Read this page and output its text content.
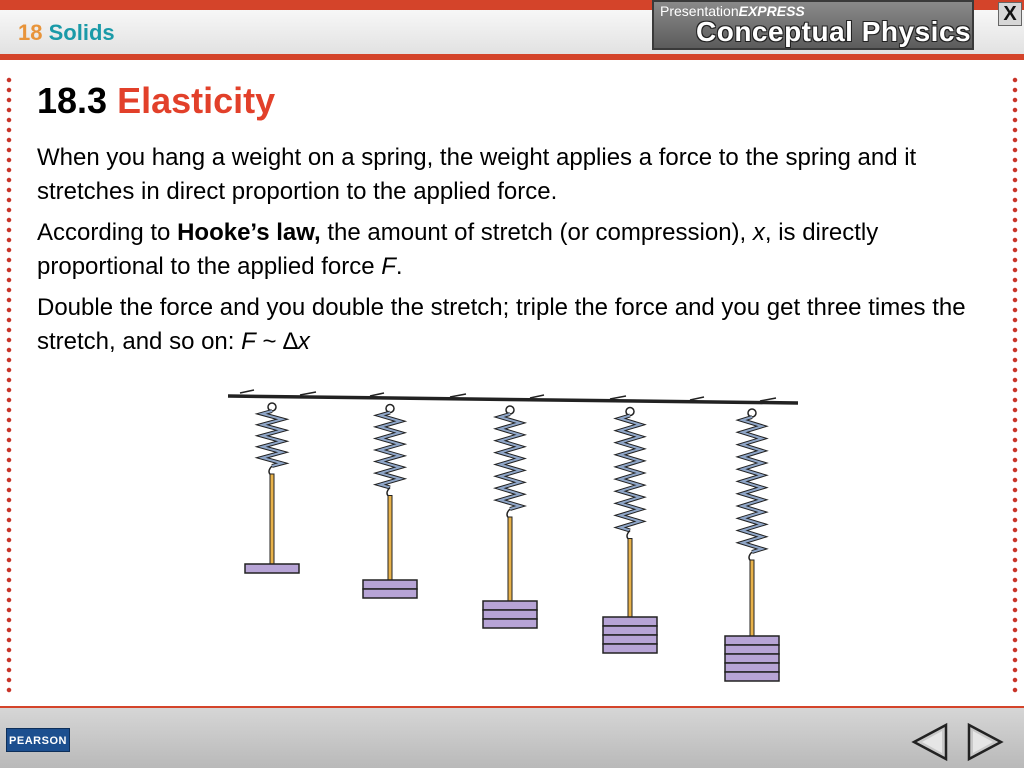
18 Solids
PresentationEXPRESS
Conceptual Physics
X
18.3 Elasticity
When you hang a weight on a spring, the weight applies a force to the spring and it stretches in direct proportion to the applied force.
According to Hooke’s law, the amount of stretch (or compression), x, is directly proportional to the applied force F.
Double the force and you double the stretch; triple the force and you get three times the stretch, and so on: F ~ ∆x
PEARSON
